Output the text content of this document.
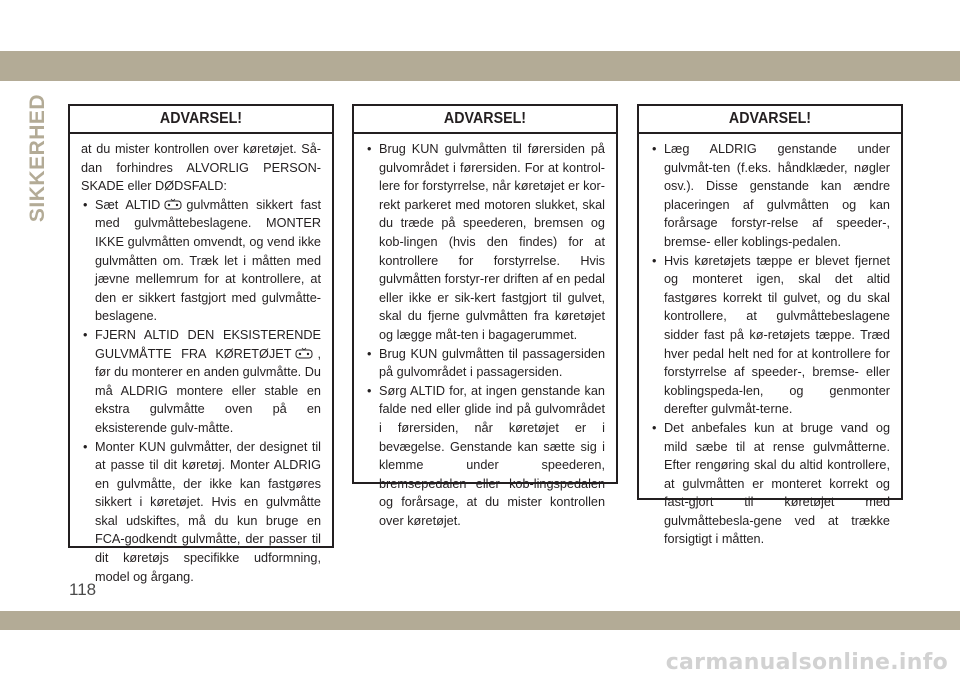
SIKKERHED
118
ADVARSEL!

at du mister kontrollen over køretøjet. Så-dan forhindres ALVORLIG PERSON-SKADE eller DØDSFALD:

• Sæt ALTID gulvmåtten sikkert fast med gulvmåttebeslagene. MONTER IKKE gulvmåtten omvendt, og vend ikke gulvmåtten om. Træk let i måtten med jævne mellemrum for at kontrollere, at den er sikkert fastgjort med gulvmåtte-beslagene.
• FJERN ALTID DEN EKSISTERENDE GULVMÅTTE FRA KØRETØJET , før du monterer en anden gulvmåtte. Du må ALDRIG montere eller stable en ekstra gulvmåtte oven på en eksisterende gulv-måtte.
• Monter KUN gulvmåtter, der designet til at passe til dit køretøj. Monter ALDRIG en gulvmåtte, der ikke kan fastgøres sikkert i køretøjet. Hvis en gulvmåtte skal udskiftes, må du kun bruge en FCA-godkendt gulvmåtte, der passer til dit køretøjs specifikke udformning, model og årgang.
ADVARSEL!
• Brug KUN gulvmåtten til førersiden på gulvområdet i førersiden. For at kontrol-lere for forstyrrelse, når køretøjet er kor-rekt parkeret med motoren slukket, skal du træde på speederen, bremsen og kob-lingen (hvis den findes) for at kontrollere for forstyrrelse. Hvis gulvmåtten forstyr-rer driften af en pedal eller ikke er sik-kert fastgjort til gulvet, skal du fjerne gulvmåtten fra køretøjet og lægge måt-ten i bagagerummet.
• Brug KUN gulvmåtten til passagersiden på gulvområdet i passagersiden.
• Sørg ALTID for, at ingen genstande kan falde ned eller glide ind på gulvområdet i førersiden, når køretøjet er i bevægelse. Genstande kan sætte sig i klemme under speederen, bremsepedalen eller kob-lingspedalen og forårsage, at du mister kontrollen over køretøjet.
ADVARSEL!
• Læg ALDRIG genstande under gulvmåt-ten (f.eks. håndklæder, nøgler osv.). Disse genstande kan ændre placeringen af gulvmåtten og kan forårsage forstyr-relse af speeder-, bremse- eller koblings-pedalen.
• Hvis køretøjets tæppe er blevet fjernet og monteret igen, skal det altid fastgøres korrekt til gulvet, og du skal kontrollere, at gulvmåttebeslagene sidder fast på kø-retøjets tæppe. Træd hver pedal helt ned for at kontrollere for forstyrrelse af speeder-, bremse- eller koblingspeda-len, og genmonter derefter gulvmåt-terne.
• Det anbefales kun at bruge vand og mild sæbe til at rense gulvmåtterne. Efter rengøring skal du altid kontrollere, at gulvmåtten er monteret korrekt og fast-gjort til køretøjet med gulvmåttebesla-gene ved at trække forsigtigt i måtten.
carmanualsonline.info
